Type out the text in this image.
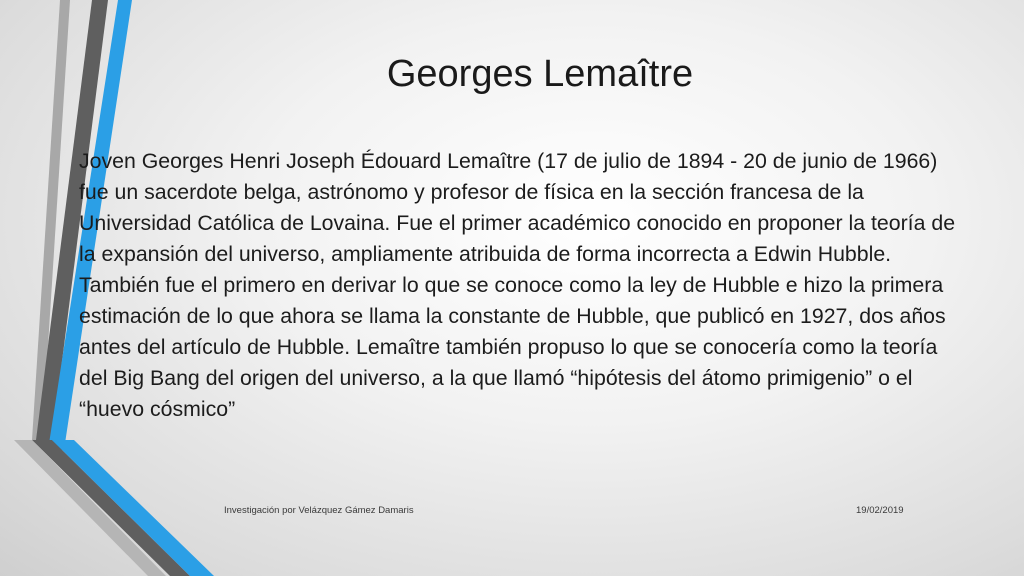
Georges Lemaître

Joven Georges Henri Joseph Édouard Lemaître (17 de julio de 1894 - 20 de junio de 1966) fue un sacerdote belga, astrónomo y profesor de física en la sección francesa de la Universidad Católica de Lovaina. Fue el primer académico conocido en proponer la teoría de la expansión del universo, ampliamente atribuida de forma incorrecta a Edwin Hubble. También fue el primero en derivar lo que se conoce como la ley de Hubble e hizo la primera estimación de lo que ahora se llama la constante de Hubble, que publicó en 1927, dos años antes del artículo de Hubble. Lemaître también propuso lo que se conocería como la teoría del Big Bang del origen del universo, a la que llamó “hipótesis del átomo primigenio” o el “huevo cósmico”

Investigación por Velázquez Gámez Damaris	19/02/2019
